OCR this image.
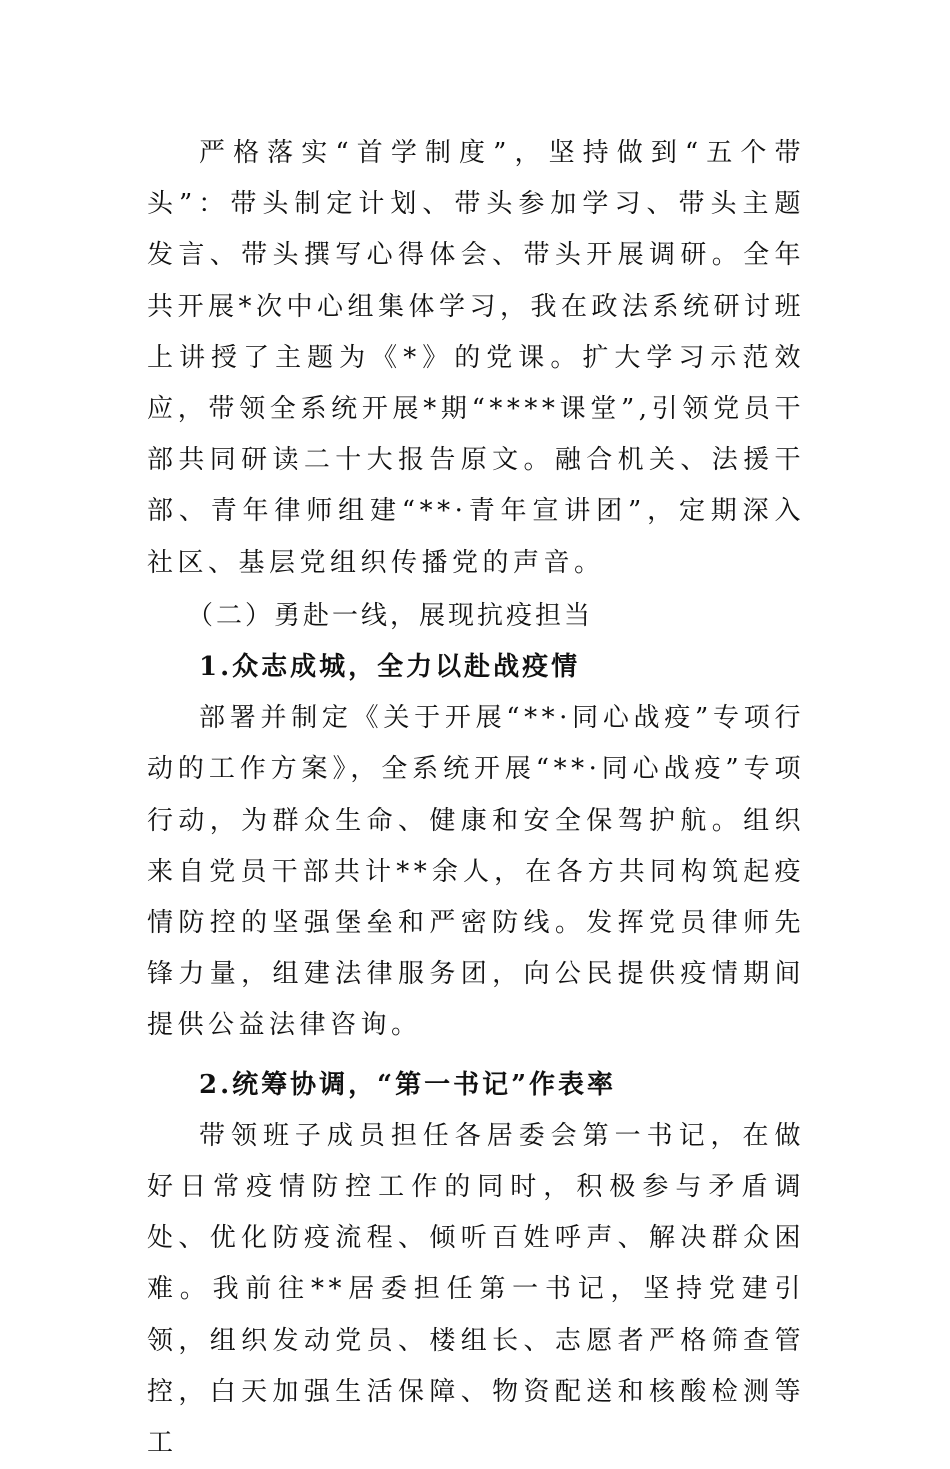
严格落实“首学制度”，坚持做到“五个带头”：带头制定计划、带头参加学习、带头主题发言、带头撰写心得体会、带头开展调研。全年共开展*次中心组集体学习，我在政法系统研讨班上讲授了主题为《*》的党课。扩大学习示范效应，带领全系统开展*期“****课堂”,引领党员干部共同研读二十大报告原文。融合机关、法援干部、青年律师组建“**·青年宣讲团”，定期深入社区、基层党组织传播党的声音。

（二）勇赴一线，展现抗疫担当

1.众志成城，全力以赴战疫情

部署并制定《关于开展“**·同心战疫”专项行动的工作方案》，全系统开展“**·同心战疫”专项行动，为群众生命、健康和安全保驾护航。组织来自党员干部共计**余人，在各方共同构筑起疫情防控的坚强堡垒和严密防线。发挥党员律师先锋力量，组建法律服务团，向公民提供疫情期间提供公益法律咨询。

2.统筹协调，“第一书记”作表率

带领班子成员担任各居委会第一书记，在做好日常疫情防控工作的同时，积极参与矛盾调处、优化防疫流程、倾听百姓呼声、解决群众困难。我前往**居委担任第一书记，坚持党建引领，组织发动党员、楼组长、志愿者严格筛查管控，白天加强生活保障、物资配送和核酸检测等工
